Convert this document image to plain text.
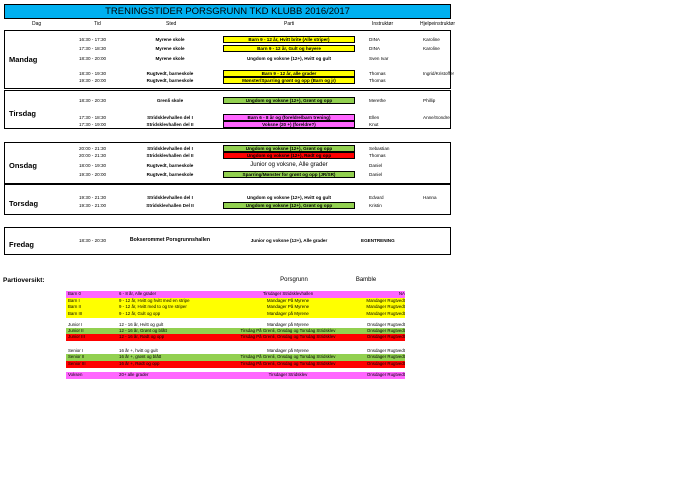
TRENINGSTIDER PORSGRUNN TKD KLUBB 2016/2017
Dag	Tid	Sted	Parti	Instruktør	Hjelpeinstruktør
Mandag
16:30 - 17:30	Myrene skole	Barn 9 - 12 år, Hvitt brite (Alle striper)	DINA	Karoline
17:30 - 18:30	Myrene skole	Barn 9 - 12 år, Gult og høyere	DINA	Karoline
18:30 - 20:00	Myrene skole	Ungdom og voksne (12+), Hvitt og gult	Sven Ivar
18:30 - 19:30	Rugtvedt, barneskole	Barn 9 - 12 år, alle grader	Thomas	Ingrid/Kristoffer
19:30 - 20:00	Rugtvedt, barneskole	Mønster/Sparring grønt og opp (Barn og jr)	Thomas
Tirsdag
18:30 - 20:30	Grenli skole	Ungdom og voksne (12+), Grønt og opp	Merethe	Phillip
17:30 - 18:30	Stridsklevhallen del I	Barn 6 - 8 år og (foreldre/barn trening)	Ellen	Anne/Sondre
17:30 - 19:00	Stridsklevhallen del II	Voksne (20 +) (foreldre?)	Knut
Onsdag
20:00 - 21:30	Stridsklevhallen del I	Ungdom og voksne (12+), Grønt og opp	Sebastian
20:00 - 21:30	Stridsklevhallen del II	Ungdom og voksne (12+), Rødt og opp	Thomas
18:00 - 19:30	Rugtvedt, barneskole	Junior og voksne, Alle grader	Daniel
19:30 - 20:00	Rugtvedt, barneskole	Sparring/Mønster for grønt og opp (JR/SR)	Daniel
Torsdag
19:30 - 21:30	Stridsklevhallen del I	Ungdom og voksne (12+), Hvitt og gult	Edvard	Hanna
19:30 - 21:00	Stridsklevhallen Del II	Ungdom og voksne (12+), Grønt og opp	Kristin
Fredag	18:30 - 20:30	Bokserommet Porsgrunnshallen	Junior og voksne (12+), Alle grader	EGENTRENING
Partioversikt:	Porsgrunn	Bamble
Barn 0	6 - 8 år, Alle grader	Tirsdager Stridsklevhallen	NA
Barn I	9 - 12 år, Hvitt og hvitt med en stripe	Mandager På Myrene	Mandager Rugtvedt
Barn II	9 - 12 år, Hvitt med to og tre striper	Mandager På Myrene	Mandager Rugtvedt
Barn III	9 - 12 år, Gult og opp	Mandager på Myrene	Mandager Rugtvedt
Junior I	12 - 16 år, Hvitt og gult	Mandager på Myrene	Onsdager Rugtvedt
Junior II	12 - 16 år, Grønt og blått	Tirsdag På Grenli, Onsdag og Torsdag Stridsklev	Onsdager Rugtvedt
Junior III	12 - 16 år, Rødt og opp	Tirsdag På Grenli, Onsdag og Torsdag Stridsklev	Onsdager Rugtvedt
Senior I	16 år +, hvitt og gult	Mandager på Myrene	Onsdager Rugtvedt
Senior II	16 år +, grønt og blått	Tirsdag På Grenli, Onsdag og Torsdag Stridsklev	Onsdager Rugtvedt
Senior III	16 år +, Rødt og opp	Tirsdag På Grenli, Onsdag og Torsdag Stridsklev	Onsdager Rugtvedt
Voksen	20+ alle grader	Tirsdager Stridsklev	Onsdager Rugtvedt
